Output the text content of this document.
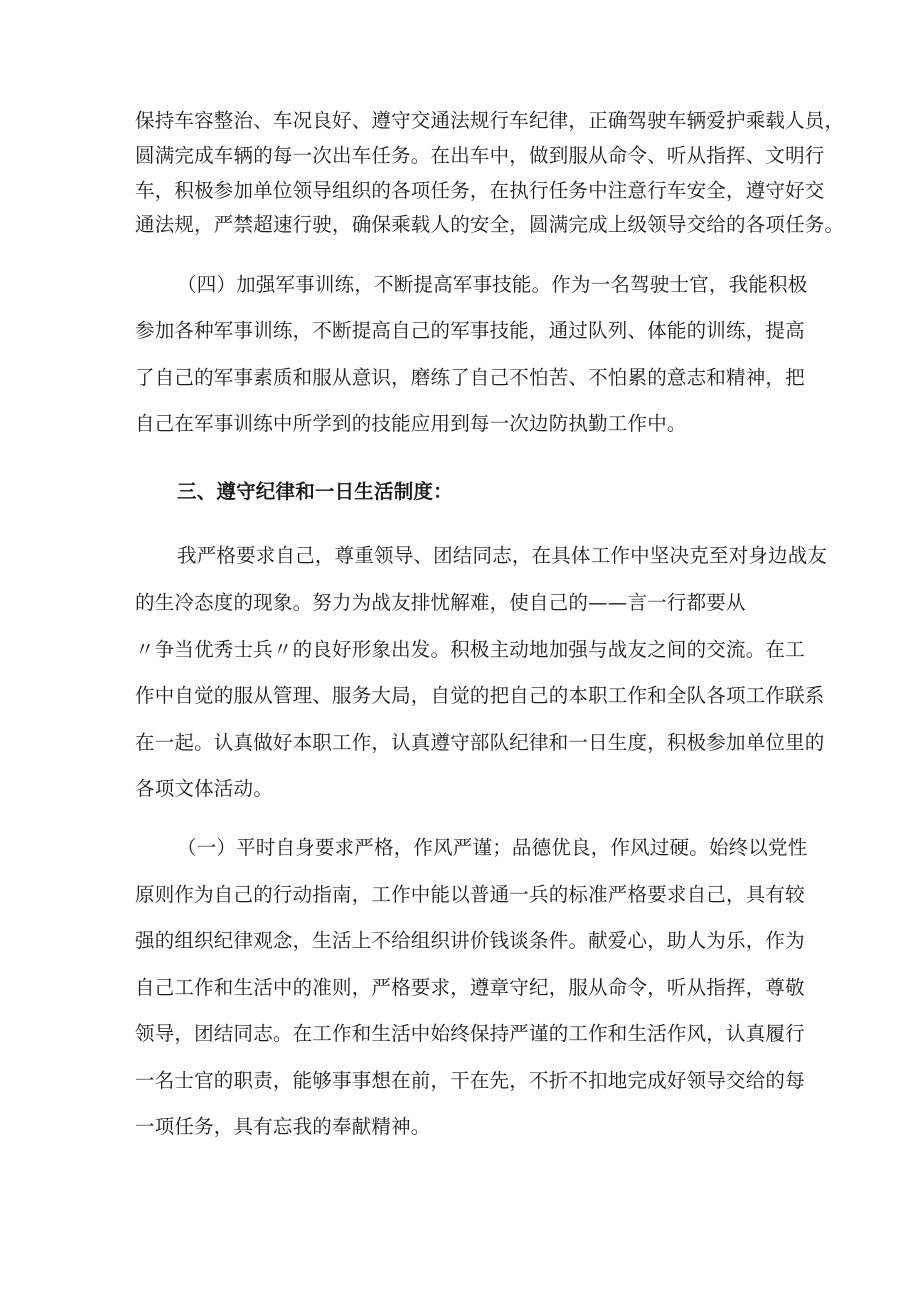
保持车容整治、车况良好、遵守交通法规行车纪律，正确驾驶车辆爱护乘载人员，
圆满完成车辆的每一次出车任务。在出车中，做到服从命令、听从指挥、文明行
车，积极参加单位领导组织的各项任务，在执行任务中注意行车安全，遵守好交
通法规，严禁超速行驶，确保乘载人的安全，圆满完成上级领导交给的各项任务。
（四）加强军事训练，不断提高军事技能。作为一名驾驶士官，我能积极
参加各种军事训练，不断提高自己的军事技能，通过队列、体能的训练，提高
了自己的军事素质和服从意识，磨练了自己不怕苦、不怕累的意志和精神，把
自己在军事训练中所学到的技能应用到每一次边防执勤工作中。
三、遵守纪律和一日生活制度：
我严格要求自己，尊重领导、团结同志，在具体工作中坚决克至对身边战友
的生冷态度的现象。努力为战友排忧解难，使自己的——言一行都要从
〃争当优秀士兵〃的良好形象出发。积极主动地加强与战友之间的交流。在工
作中自觉的服从管理、服务大局，自觉的把自己的本职工作和全队各项工作联系
在一起。认真做好本职工作，认真遵守部队纪律和一日生度，积极参加单位里的
各项文体活动。
（一）平时自身要求严格，作风严谨；品德优良，作风过硬。始终以党性
原则作为自己的行动指南，工作中能以普通一兵的标准严格要求自己，具有较
强的组织纪律观念，生活上不给组织讲价钱谈条件。献爱心，助人为乐，作为
自己工作和生活中的准则，严格要求，遵章守纪，服从命令，听从指挥，尊敬
领导，团结同志。在工作和生活中始终保持严谨的工作和生活作风，认真履行
一名士官的职责，能够事事想在前，干在先，不折不扣地完成好领导交给的每
一项任务，具有忘我的奉献精神。
